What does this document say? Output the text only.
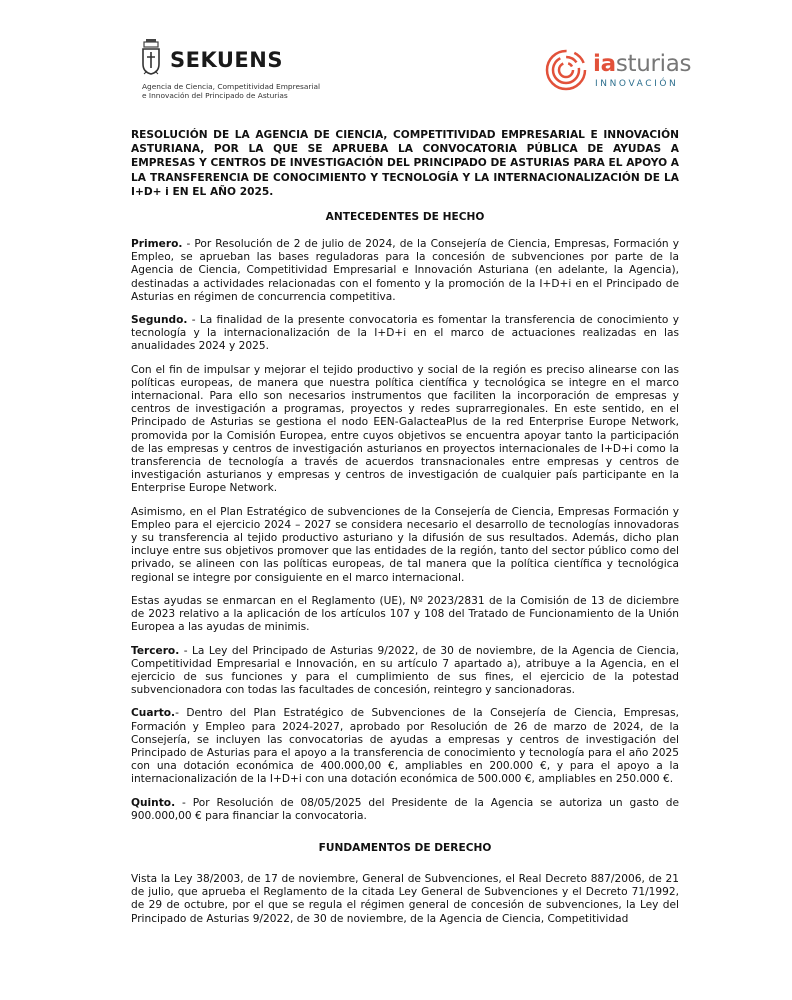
SEKUENS
Agencia de Ciencia, Competitividad Empresarial
e Innovación del Principado de Asturias
iasturias
INNOVACIÓN
RESOLUCIÓN DE LA AGENCIA DE CIENCIA, COMPETITIVIDAD EMPRESARIAL E INNOVACIÓN ASTURIANA, POR LA QUE SE APRUEBA LA CONVOCATORIA PÚBLICA DE AYUDAS A EMPRESAS Y CENTROS DE INVESTIGACIÓN DEL PRINCIPADO DE ASTURIAS PARA EL APOYO A LA TRANSFERENCIA DE CONOCIMIENTO Y TECNOLOGÍA Y LA INTERNACIONALIZACIÓN DE LA I+D+ i EN EL AÑO 2025.
ANTECEDENTES DE HECHO

Primero. - Por Resolución de 2 de julio de 2024, de la Consejería de Ciencia, Empresas, Formación y Empleo, se aprueban las bases reguladoras para la concesión de subvenciones por parte de la Agencia de Ciencia, Competitividad Empresarial e Innovación Asturiana (en adelante, la Agencia), destinadas a actividades relacionadas con el fomento y la promoción de la I+D+i en el Principado de Asturias en régimen de concurrencia competitiva.

Segundo. - La finalidad de la presente convocatoria es fomentar la transferencia de conocimiento y tecnología y la internacionalización de la I+D+i en el marco de actuaciones realizadas en las anualidades 2024 y 2025.

Con el fin de impulsar y mejorar el tejido productivo y social de la región es preciso alinearse con las políticas europeas, de manera que nuestra política científica y tecnológica se integre en el marco internacional. Para ello son necesarios instrumentos que faciliten la incorporación de empresas y centros de investigación a programas, proyectos y redes suprarregionales. En este sentido, en el Principado de Asturias se gestiona el nodo EEN-GalacteaPlus de la red Enterprise Europe Network, promovida por la Comisión Europea, entre cuyos objetivos se encuentra apoyar tanto la participación de las empresas y centros de investigación asturianos en proyectos internacionales de I+D+i como la transferencia de tecnología a través de acuerdos transnacionales entre empresas y centros de investigación asturianos y empresas y centros de investigación de cualquier país participante en la Enterprise Europe Network.

Asimismo, en el Plan Estratégico de subvenciones de la Consejería de Ciencia, Empresas Formación y Empleo para el ejercicio 2024 – 2027 se considera necesario el desarrollo de tecnologías innovadoras y su transferencia al tejido productivo asturiano y la difusión de sus resultados. Además, dicho plan incluye entre sus objetivos promover que las entidades de la región, tanto del sector público como del privado, se alineen con las políticas europeas, de tal manera que la política científica y tecnológica regional se integre por consiguiente en el marco internacional.

Estas ayudas se enmarcan en el Reglamento (UE), Nº 2023/2831 de la Comisión de 13 de diciembre de 2023 relativo a la aplicación de los artículos 107 y 108 del Tratado de Funcionamiento de la Unión Europea a las ayudas de minimis.

Tercero. - La Ley del Principado de Asturias 9/2022, de 30 de noviembre, de la Agencia de Ciencia, Competitividad Empresarial e Innovación, en su artículo 7 apartado a), atribuye a la Agencia, en el ejercicio de sus funciones y para el cumplimiento de sus fines, el ejercicio de la potestad subvencionadora con todas las facultades de concesión, reintegro y sancionadoras.

Cuarto.- Dentro del Plan Estratégico de Subvenciones de la Consejería de Ciencia, Empresas, Formación y Empleo para 2024-2027, aprobado por Resolución de 26 de marzo de 2024, de la Consejería, se incluyen las convocatorias de ayudas a empresas y centros de investigación del Principado de Asturias para el apoyo a la transferencia de conocimiento y tecnología para el año 2025 con una dotación económica de 400.000,00 €, ampliables en 200.000 €, y para el apoyo a la internacionalización de la I+D+i con una dotación económica de 500.000 €, ampliables en 250.000 €.

Quinto. - Por Resolución de 08/05/2025 del Presidente de la Agencia se autoriza un gasto de 900.000,00 € para financiar la convocatoria.

FUNDAMENTOS DE DERECHO

Vista la Ley 38/2003, de 17 de noviembre, General de Subvenciones, el Real Decreto 887/2006, de 21 de julio, que aprueba el Reglamento de la citada Ley General de Subvenciones y el Decreto 71/1992, de 29 de octubre, por el que se regula el régimen general de concesión de subvenciones, la Ley del Principado de Asturias 9/2022, de 30 de noviembre, de la Agencia de Ciencia, Competitividad
